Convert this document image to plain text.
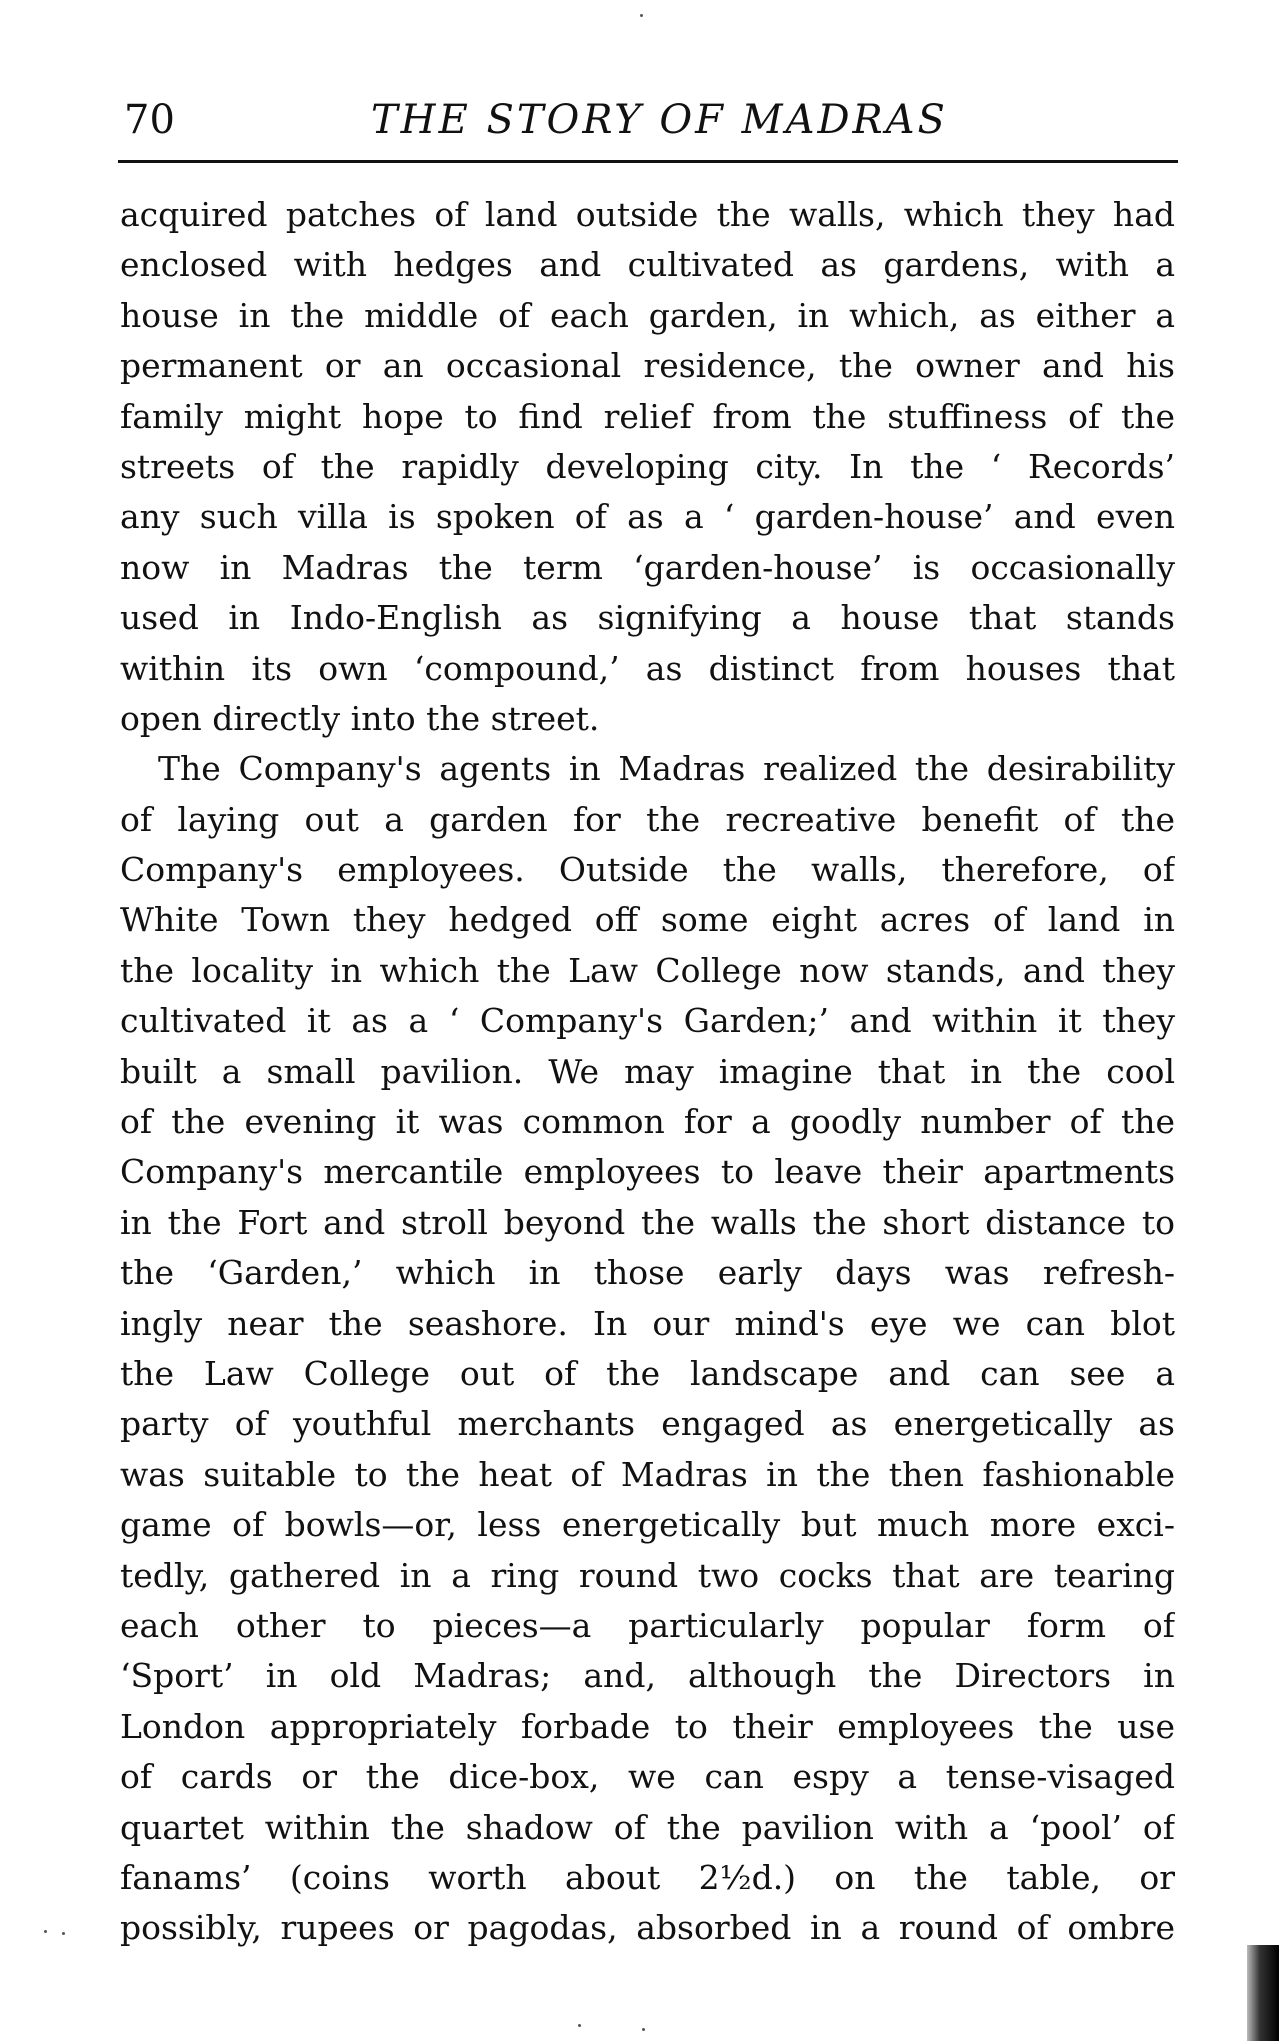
70	THE STORY OF MADRAS
acquired patches of land outside the walls, which they had
enclosed with hedges and cultivated as gardens, with a
house in the middle of each garden, in which, as either a
permanent or an occasional residence, the owner and his
family might hope to find relief from the stuffiness of the
streets of the rapidly developing city. In the ‘ Records’
any such villa is spoken of as a ‘ garden-house’ and even
now in Madras the term ‘garden-house’ is occasionally
used in Indo-English as signifying a house that stands
within its own ‘compound,’ as distinct from houses that
open directly into the street.
The Company's agents in Madras realized the desirability
of laying out a garden for the recreative benefit of the
Company's employees. Outside the walls, therefore, of
White Town they hedged off some eight acres of land in
the locality in which the Law College now stands, and they
cultivated it as a ‘ Company's Garden;’ and within it they
built a small pavilion. We may imagine that in the cool
of the evening it was common for a goodly number of the
Company's mercantile employees to leave their apartments
in the Fort and stroll beyond the walls the short distance to
the ‘Garden,’ which in those early days was refresh-
ingly near the seashore. In our mind's eye we can blot
the Law College out of the landscape and can see a
party of youthful merchants engaged as energetically as
was suitable to the heat of Madras in the then fashionable
game of bowls—or, less energetically but much more exci-
tedly, gathered in a ring round two cocks that are tearing
each other to pieces—a particularly popular form of
‘Sport’ in old Madras; and, although the Directors in
London appropriately forbade to their employees the use
of cards or the dice-box, we can espy a tense-visaged
quartet within the shadow of the pavilion with a ‘pool’ of
fanams’ (coins worth about 2½d.) on the table, or
possibly, rupees or pagodas, absorbed in a round of ombre
